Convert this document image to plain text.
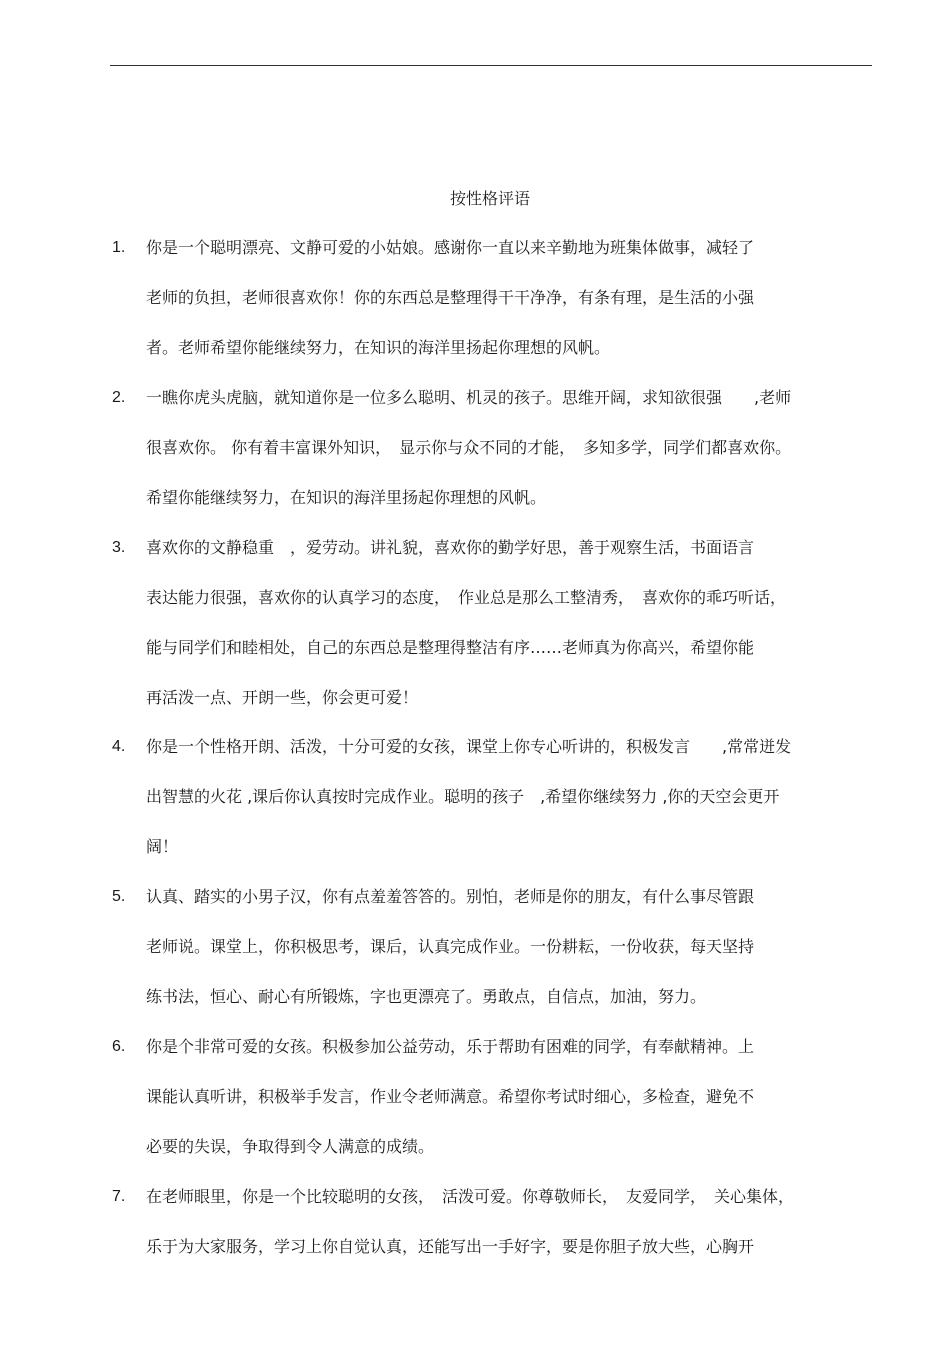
按性格评语
1. 你是一个聪明漂亮、文静可爱的小姑娘。感谢你一直以来辛勤地为班集体做事，减轻了
老师的负担，老师很喜欢你！你的东西总是整理得干干净净，有条有理，是生活的小强
者。老师希望你能继续努力，在知识的海洋里扬起你理想的风帆。
2. 一瞧你虎头虎脑，就知道你是一位多么聪明、机灵的孩子。思维开阔，求知欲很强　　,老师
很喜欢你。 你有着丰富课外知识，　显示你与众不同的才能，　多知多学，同学们都喜欢你。
希望你能继续努力，在知识的海洋里扬起你理想的风帆。
3. 喜欢你的文静稳重　，爱劳动。讲礼貌，喜欢你的勤学好思，善于观察生活，书面语言
表达能力很强，喜欢你的认真学习的态度，　作业总是那么工整清秀，　喜欢你的乖巧听话，
能与同学们和睦相处，自己的东西总是整理得整洁有序……老师真为你高兴，希望你能
再活泼一点、开朗一些，你会更可爱！
4. 你是一个性格开朗、活泼，十分可爱的女孩，课堂上你专心听讲的，积极发言　　,常常迸发
出智慧的火花 ,课后你认真按时完成作业。聪明的孩子　,希望你继续努力 ,你的天空会更开
阔！
5. 认真、踏实的小男子汉，你有点羞羞答答的。别怕，老师是你的朋友，有什么事尽管跟
老师说。课堂上，你积极思考，课后，认真完成作业。一份耕耘，一份收获，每天坚持
练书法，恒心、耐心有所锻炼，字也更漂亮了。勇敢点，自信点，加油，努力。
6. 你是个非常可爱的女孩。积极参加公益劳动，乐于帮助有困难的同学，有奉献精神。上
课能认真听讲，积极举手发言，作业令老师满意。希望你考试时细心，多检查，避免不
必要的失误，争取得到令人满意的成绩。
7. 在老师眼里，你是一个比较聪明的女孩，　活泼可爱。你尊敬师长，　友爱同学，　关心集体，
乐于为大家服务，学习上你自觉认真，还能写出一手好字，要是你胆子放大些，心胸开
